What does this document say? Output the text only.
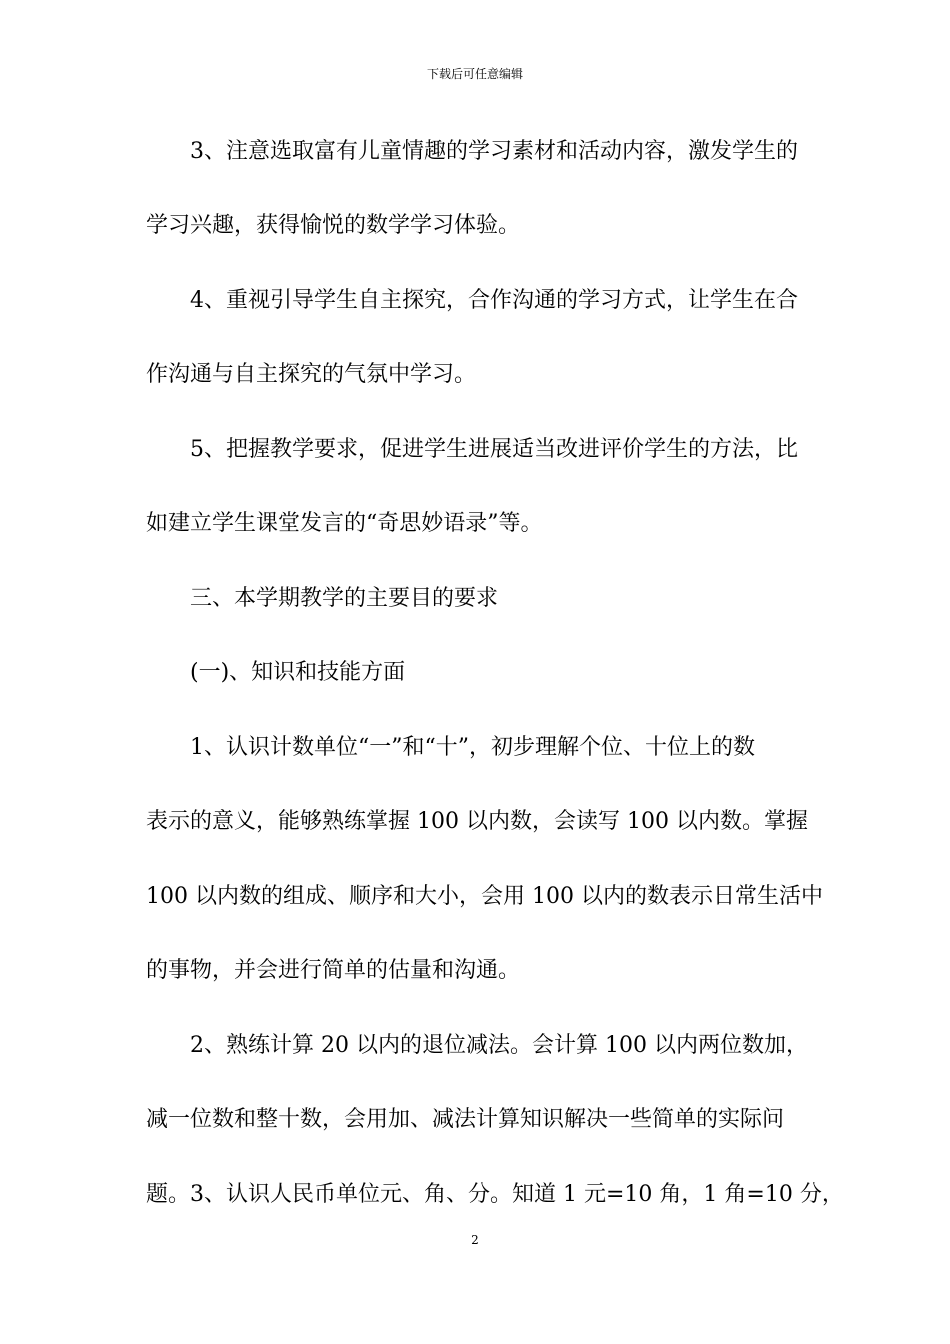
下载后可任意编辑
3、注意选取富有儿童情趣的学习素材和活动内容，激发学生的
学习兴趣，获得愉悦的数学学习体验。
4、重视引导学生自主探究，合作沟通的学习方式，让学生在合
作沟通与自主探究的气氛中学习。
5、把握教学要求，促进学生进展适当改进评价学生的方法，比
如建立学生课堂发言的“奇思妙语录”等。
三、本学期教学的主要目的要求
(一)、知识和技能方面
1、认识计数单位“一”和“十”，初步理解个位、十位上的数
表示的意义，能够熟练掌握 100 以内数，会读写 100 以内数。掌握
100 以内数的组成、顺序和大小，会用 100 以内的数表示日常生活中
的事物，并会进行简单的估量和沟通。
2、熟练计算 20 以内的退位减法。会计算 100 以内两位数加，
减一位数和整十数，会用加、减法计算知识解决一些简单的实际问
题。3、认识人民币单位元、角、分。知道 1 元=10 角，1 角=10 分，
2
